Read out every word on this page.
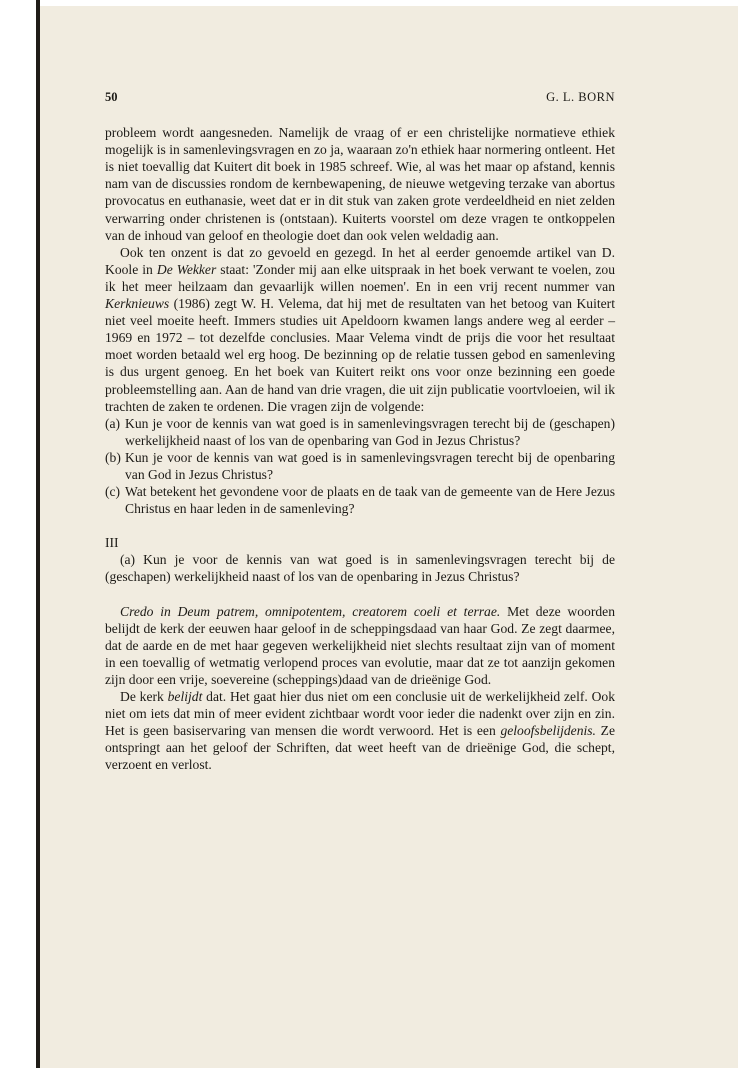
50	G. L. BORN

probleem wordt aangesneden. Namelijk de vraag of er een christelijke normatieve ethiek mogelijk is in samenlevingsvragen en zo ja, waaraan zo'n ethiek haar normering ontleent. Het is niet toevallig dat Kuitert dit boek in 1985 schreef. Wie, al was het maar op afstand, kennis nam van de discussies rondom de kernbewapening, de nieuwe wetgeving terzake van abortus provocatus en euthanasie, weet dat er in dit stuk van zaken grote verdeeldheid en niet zelden verwarring onder christenen is (ontstaan). Kuiterts voorstel om deze vragen te ontkoppelen van de inhoud van geloof en theologie doet dan ook velen weldadig aan.

Ook ten onzent is dat zo gevoeld en gezegd. In het al eerder genoemde artikel van D. Koole in De Wekker staat: 'Zonder mij aan elke uitspraak in het boek verwant te voelen, zou ik het meer heilzaam dan gevaarlijk willen noemen'. En in een vrij recent nummer van Kerknieuws (1986) zegt W. H. Velema, dat hij met de resultaten van het betoog van Kuitert niet veel moeite heeft. Immers studies uit Apeldoorn kwamen langs andere weg al eerder – 1969 en 1972 – tot dezelfde conclusies. Maar Velema vindt de prijs die voor het resultaat moet worden betaald wel erg hoog. De bezinning op de relatie tussen gebod en samenleving is dus urgent genoeg. En het boek van Kuitert reikt ons voor onze bezinning een goede probleemstelling aan. Aan de hand van drie vragen, die uit zijn publicatie voortvloeien, wil ik trachten de zaken te ordenen. Die vragen zijn de volgende:

(a) Kun je voor de kennis van wat goed is in samenlevingsvragen terecht bij de (geschapen) werkelijkheid naast of los van de openbaring van God in Jezus Christus?
(b) Kun je voor de kennis van wat goed is in samenlevingsvragen terecht bij de openbaring van God in Jezus Christus?
(c) Wat betekent het gevondene voor de plaats en de taak van de gemeente van de Here Jezus Christus en haar leden in de samenleving?

III

(a) Kun je voor de kennis van wat goed is in samenlevingsvragen terecht bij de (geschapen) werkelijkheid naast of los van de openbaring in Jezus Christus?

Credo in Deum patrem, omnipotentem, creatorem coeli et terrae. Met deze woorden belijdt de kerk der eeuwen haar geloof in de scheppingsdaad van haar God. Ze zegt daarmee, dat de aarde en de met haar gegeven werkelijkheid niet slechts resultaat zijn van of moment in een toevallig of wetmatig verlopend proces van evolutie, maar dat ze tot aanzijn gekomen zijn door een vrije, soevereine (scheppings)daad van de drieënige God.

De kerk belijdt dat. Het gaat hier dus niet om een conclusie uit de werkelijkheid zelf. Ook niet om iets dat min of meer evident zichtbaar wordt voor ieder die nadenkt over zijn en zin. Het is geen basiservaring van mensen die wordt verwoord. Het is een geloofsbelijdenis. Ze ontspringt aan het geloof der Schriften, dat weet heeft van de drieënige God, die schept, verzoent en verlost.
